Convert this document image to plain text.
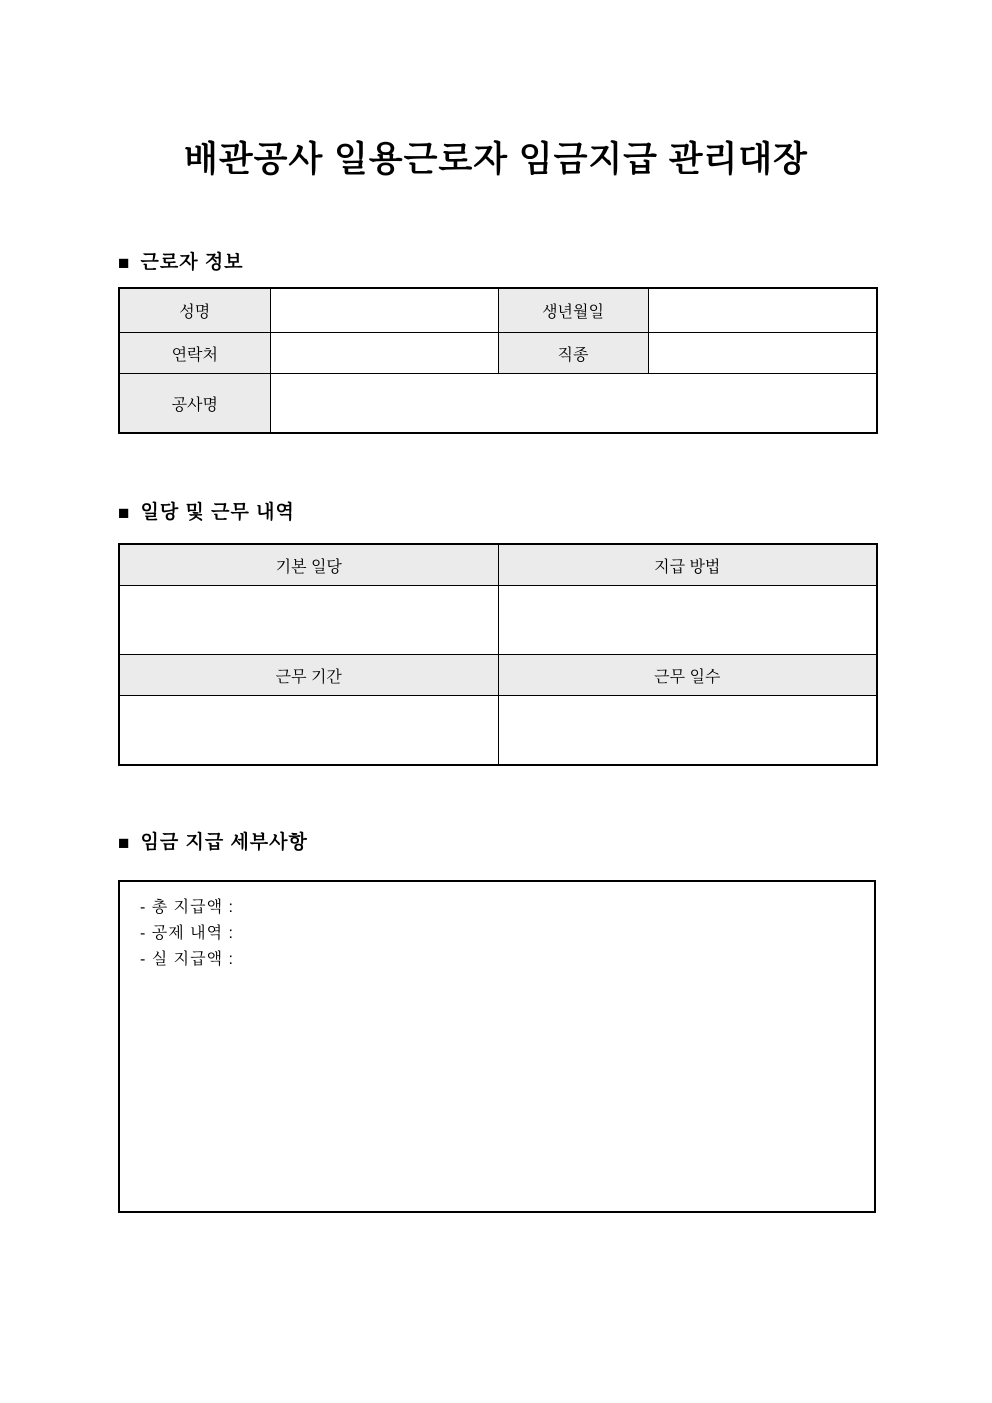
배관공사 일용근로자 임금지급 관리대장
■ 근로자 정보
성명		생년월일	
연락처		직종	
공사명			
■ 일당 및 근무 내역
기본 일당	지급 방법

근무 기간	근무 일수

■ 임금 지급 세부사항
- 총 지급액 :
- 공제 내역 :
- 실 지급액 :
